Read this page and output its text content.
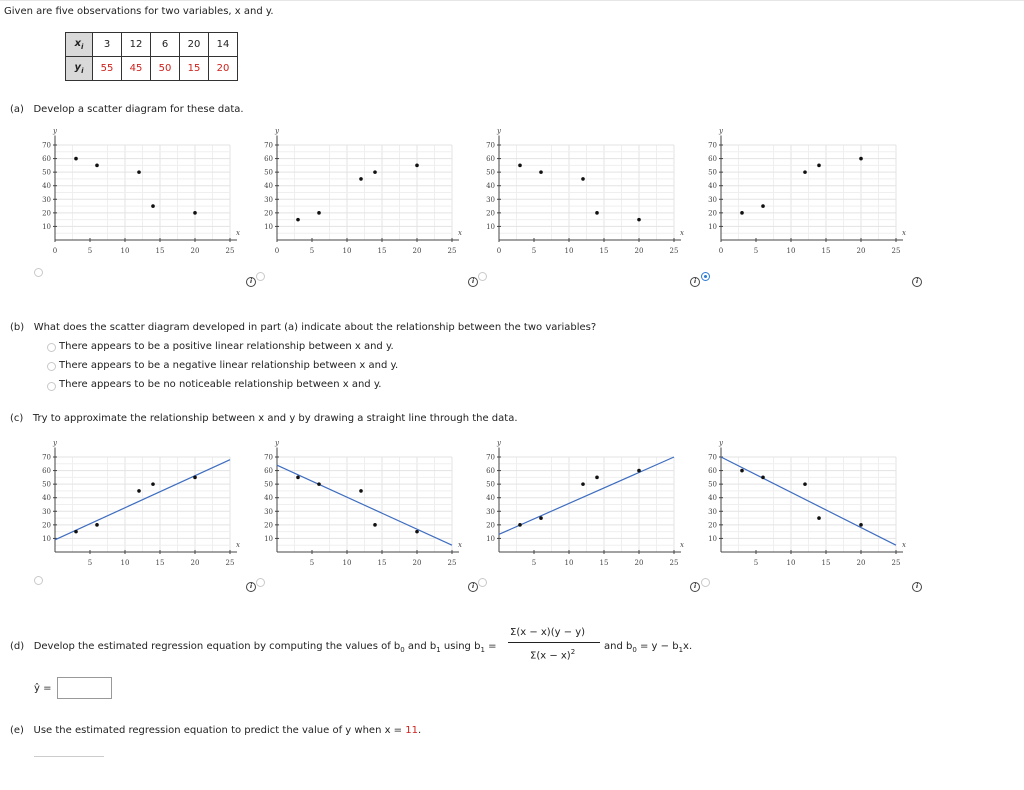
Given are five observations for two variables, x and y.
$x_i$	3	12	6	20	14
$y_i$	55	45	50	15	20
(a) Develop a scatter diagram for these data.
10
20
30
40
50
60
70
0	5	10	15	20	25
y
x
10
20
30
40
50
60
70
0	5	10	15	20	25
y
x
10
20
30
40
50
60
70
0	5	10	15	20	25
y
x
10
20
30
40
50
60
70
0	5	10	15	20	25
y
x
10
20
30
40
50
60
70
5	10	15	20	25
y
x
10
20
30
40
50
60
70
5	10	15	20	25
y
x
10
20
30
40
50
60
70
5	10	15	20	25
y
x
10
20
30
40
50
60
70
5	10	15	20	25
y
x
i	i	i	i
(b) What does the scatter diagram developed in part (a) indicate about the relationship between the two variables?
There appears to be a positive linear relationship between x and y.
There appears to be a negative linear relationship between x and y.
There appears to be no noticeable relationship between x and y.
(c) Try to approximate the relationship between x and y by drawing a straight line through the data.
i	i	i	i
(d) Develop the estimated regression equation by computing the values of $b_0$ and $b_1$ using $b_1$ =
Σ(x − x)(y − y)
$\Sigma(x - x)^2$	and $b_0 = y - b_1x$.
ŷ =
(e) Use the estimated regression equation to predict the value of y when x = 11.
